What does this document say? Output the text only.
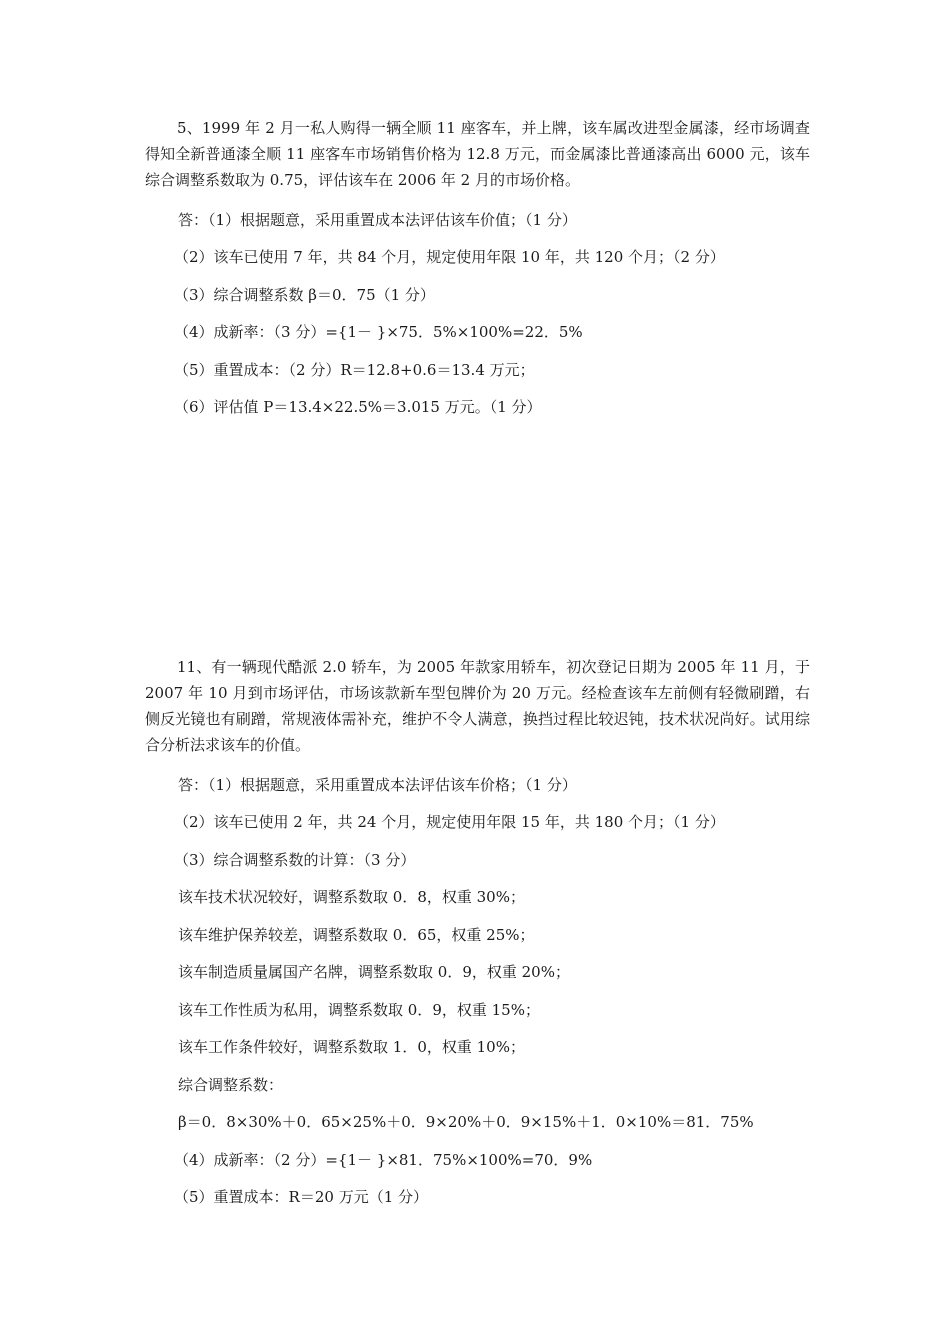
5、1999 年 2 月一私人购得一辆全顺 11 座客车，并上牌，该车属改进型金属漆，经市场调查得知全新普通漆全顺 11 座客车市场销售价格为 12.8 万元，而金属漆比普通漆高出 6000 元，该车综合调整系数取为 0.75，评估该车在 2006 年 2 月的市场价格。

答：（1）根据题意，采用重置成本法评估该车价值；（1 分）

（2）该车已使用 7 年，共 84 个月，规定使用年限 10 年，共 120 个月；（2 分）

（3）综合调整系数 β＝0．75（1 分）

（4）成新率：（3 分）={1－ }×75．5%×100%=22．5%

（5）重置成本：（2 分）R＝12.8+0.6＝13.4 万元；

（6）评估值 P＝13.4×22.5%＝3.015 万元。（1 分）

11、有一辆现代酷派 2.0 轿车，为 2005 年款家用轿车，初次登记日期为 2005 年 11 月，于 2007 年 10 月到市场评估，市场该款新车型包牌价为 20 万元。经检查该车左前侧有轻微刷蹭，右侧反光镜也有刷蹭，常规液体需补充，维护不令人满意，换挡过程比较迟钝，技术状况尚好。试用综合分析法求该车的价值。

答：（1）根据题意，采用重置成本法评估该车价格；（1 分）

（2）该车已使用 2 年，共 24 个月，规定使用年限 15 年，共 180 个月；（1 分）

（3）综合调整系数的计算：（3 分）

该车技术状况较好，调整系数取 0．8，权重 30%；

该车维护保养较差，调整系数取 0．65，权重 25%；

该车制造质量属国产名牌，调整系数取 0．9，权重 20%；

该车工作性质为私用，调整系数取 0．9，权重 15%；

该车工作条件较好，调整系数取 1．0，权重 10%；

综合调整系数：

β＝0．8×30%＋0．65×25%＋0．9×20%＋0．9×15%＋1．0×10%＝81．75%

（4）成新率：（2 分）={1－ }×81．75%×100%=70．9%

（5）重置成本：R＝20 万元（1 分）
